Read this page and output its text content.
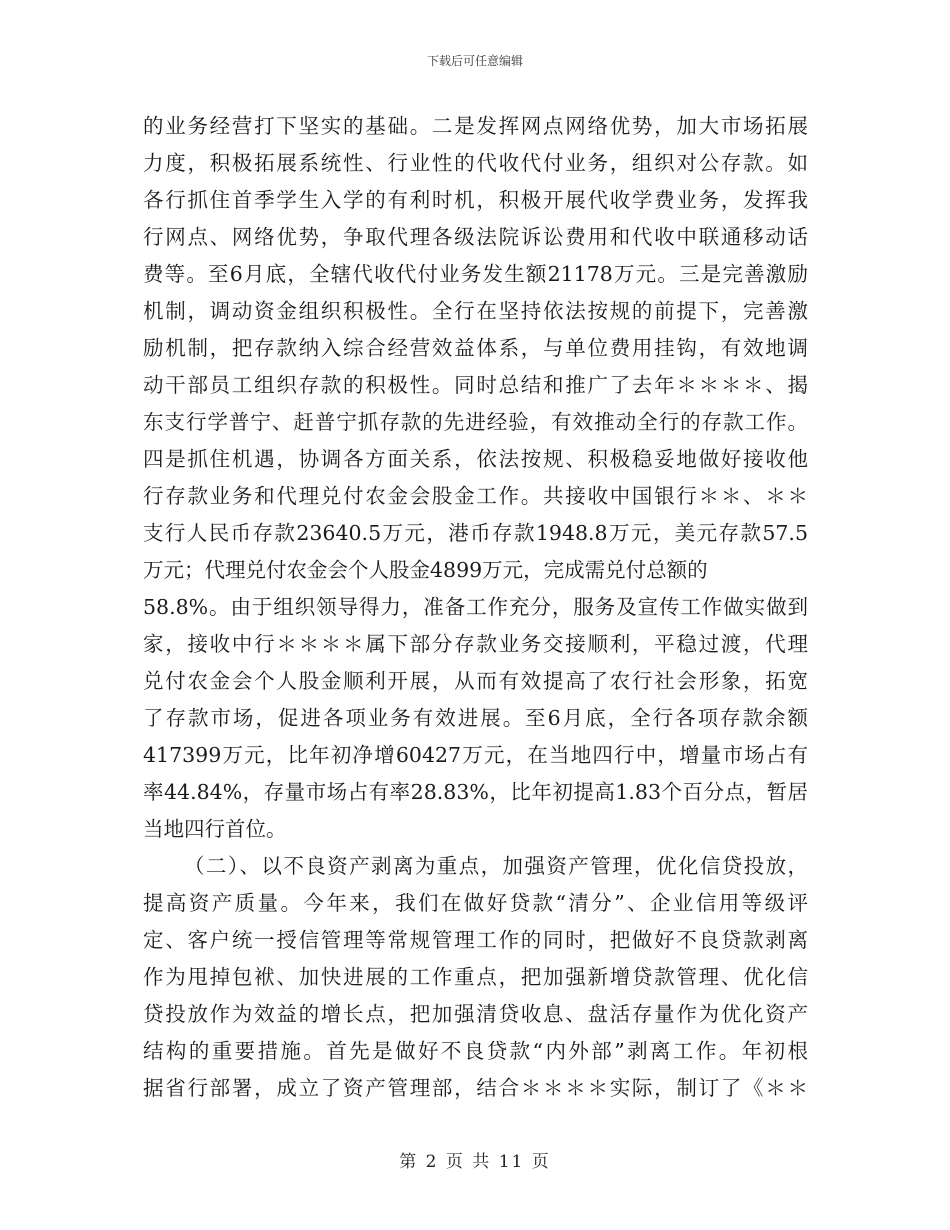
下载后可任意编辑
的业务经营打下坚实的基础。二是发挥网点网络优势，加大市场拓展
力度，积极拓展系统性、行业性的代收代付业务，组织对公存款。如
各行抓住首季学生入学的有利时机，积极开展代收学费业务，发挥我
行网点、网络优势，争取代理各级法院诉讼费用和代收中联通移动话
费等。至6月底，全辖代收代付业务发生额21178万元。三是完善激励
机制，调动资金组织积极性。全行在坚持依法按规的前提下，完善激
励机制，把存款纳入综合经营效益体系，与单位费用挂钩，有效地调
动干部员工组织存款的积极性。同时总结和推广了去年＊＊＊＊、揭
东支行学普宁、赶普宁抓存款的先进经验，有效推动全行的存款工作。
四是抓住机遇，协调各方面关系，依法按规、积极稳妥地做好接收他
行存款业务和代理兑付农金会股金工作。共接收中国银行＊＊、＊＊
支行人民币存款23640.5万元，港币存款1948.8万元，美元存款57.5
万元；代理兑付农金会个人股金4899万元，完成需兑付总额的
58.8%。由于组织领导得力，准备工作充分，服务及宣传工作做实做到
家，接收中行＊＊＊＊属下部分存款业务交接顺利，平稳过渡，代理
兑付农金会个人股金顺利开展，从而有效提高了农行社会形象，拓宽
了存款市场，促进各项业务有效进展。至6月底，全行各项存款余额
417399万元，比年初净增60427万元，在当地四行中，增量市场占有
率44.84%，存量市场占有率28.83%，比年初提高1.83个百分点，暂居
当地四行首位。
（二）、以不良资产剥离为重点，加强资产管理，优化信贷投放，
提高资产质量。今年来，我们在做好贷款“清分”、企业信用等级评
定、客户统一授信管理等常规管理工作的同时，把做好不良贷款剥离
作为甩掉包袱、加快进展的工作重点，把加强新增贷款管理、优化信
贷投放作为效益的增长点，把加强清贷收息、盘活存量作为优化资产
结构的重要措施。首先是做好不良贷款“内外部”剥离工作。年初根
据省行部署，成立了资产管理部，结合＊＊＊＊实际，制订了《＊＊
第 2 页 共 11 页
